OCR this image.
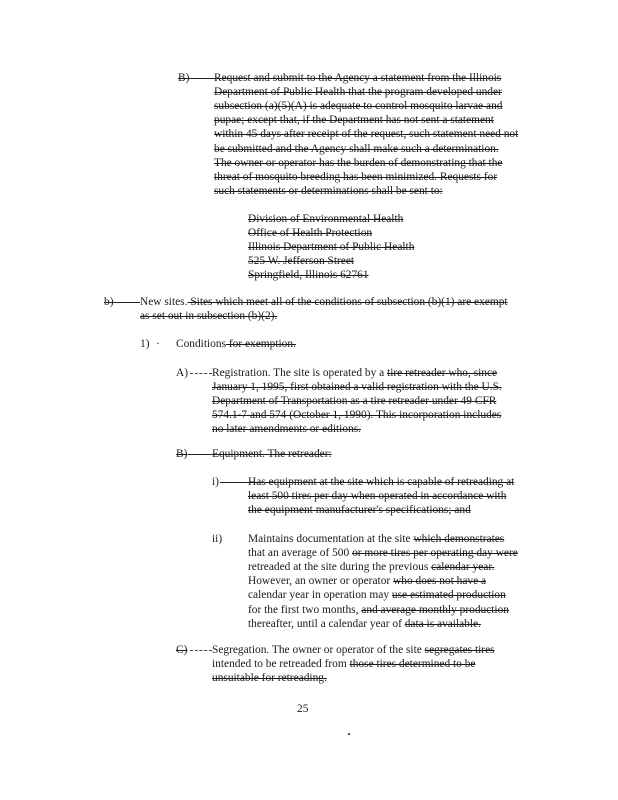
B) Request and submit to the Agency a statement from the Illinois
Department of Public Health that the program developed under
subsection (a)(5)(A) is adequate to control mosquito larvae and
pupae; except that, if the Department has not sent a statement
within 45 days after receipt of the request, such statement need not
be submitted and the Agency shall make such a determination.
The owner or operator has the burden of demonstrating that the
threat of mosquito breeding has been minimized. Requests for
such statements or determinations shall be sent to:
Division of Environmental Health
Office of Health Protection
Illinois Department of Public Health
525 W. Jefferson Street
Springfield, Illinois 62761
b) New sites. Sites which meet all of the conditions of subsection (b)(1) are exempt
as set out in subsection (b)(2).
1) · Conditions for exemption.
A) Registration. The site is operated by a tire retreader who, since
January 1, 1995, first obtained a valid registration with the U.S.
Department of Transportation as a tire retreader under 49 CFR
574.1-7 and 574 (October 1, 1990). This incorporation includes
no later amendments or editions.
B) Equipment. The retreader:
i)	Has equipment at the site which is capable of retreading at
least 500 tires per day when operated in accordance with
the equipment manufacturer's specifications; and
ii) Maintains documentation at the site which demonstrates
that an average of 500 or more tires per operating day were
retreaded at the site during the previous calendar year.
However, an owner or operator who does not have a
calendar year in operation may use estimated production
for the first two months, and average monthly production
thereafter, until a calendar year of data is available.
C) Segregation. The owner or operator of the site segregates tires
intended to be retreaded from those tires determined to be
unsuitable for retreading.
25
